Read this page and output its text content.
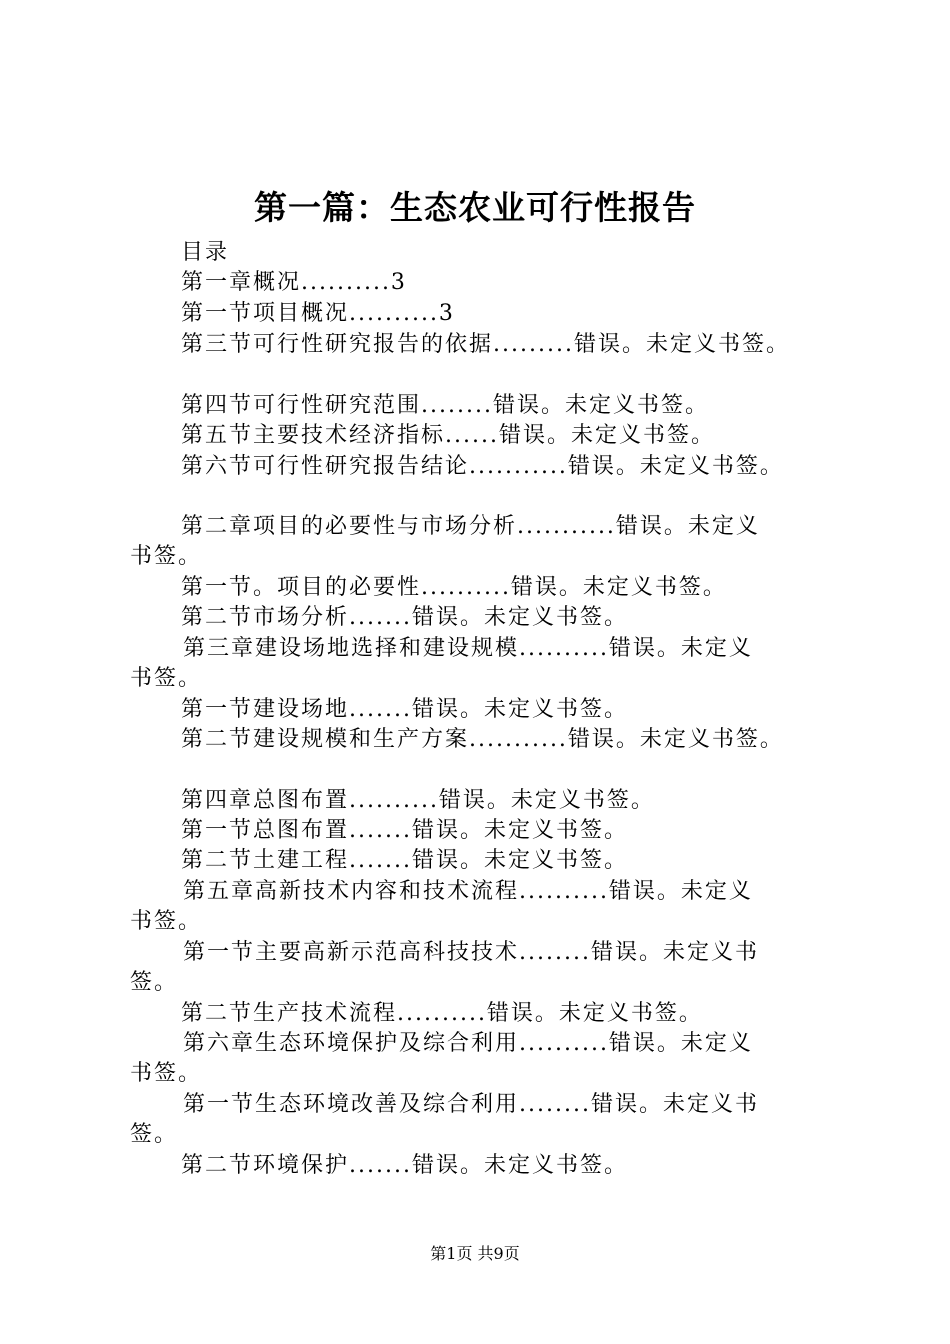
第一篇：生态农业可行性报告
目录
第一章概况..........3
第一节项目概况..........3
第三节可行性研究报告的依据.........错误。未定义书签。
第四节可行性研究范围........错误。未定义书签。
第五节主要技术经济指标......错误。未定义书签。
第六节可行性研究报告结论...........错误。未定义书签。
第二章项目的必要性与市场分析...........错误。未定义
书签。
第一节。项目的必要性..........错误。未定义书签。
第二节市场分析.......错误。未定义书签。
第三章建设场地选择和建设规模..........错误。未定义
书签。
第一节建设场地.......错误。未定义书签。
第二节建设规模和生产方案...........错误。未定义书签。
第四章总图布置..........错误。未定义书签。
第一节总图布置.......错误。未定义书签。
第二节土建工程.......错误。未定义书签。
第五章高新技术内容和技术流程..........错误。未定义
书签。
第一节主要高新示范高科技技术........错误。未定义书
签。
第二节生产技术流程..........错误。未定义书签。
第六章生态环境保护及综合利用..........错误。未定义
书签。
第一节生态环境改善及综合利用........错误。未定义书
签。
第二节环境保护.......错误。未定义书签。
第1页 共9页
